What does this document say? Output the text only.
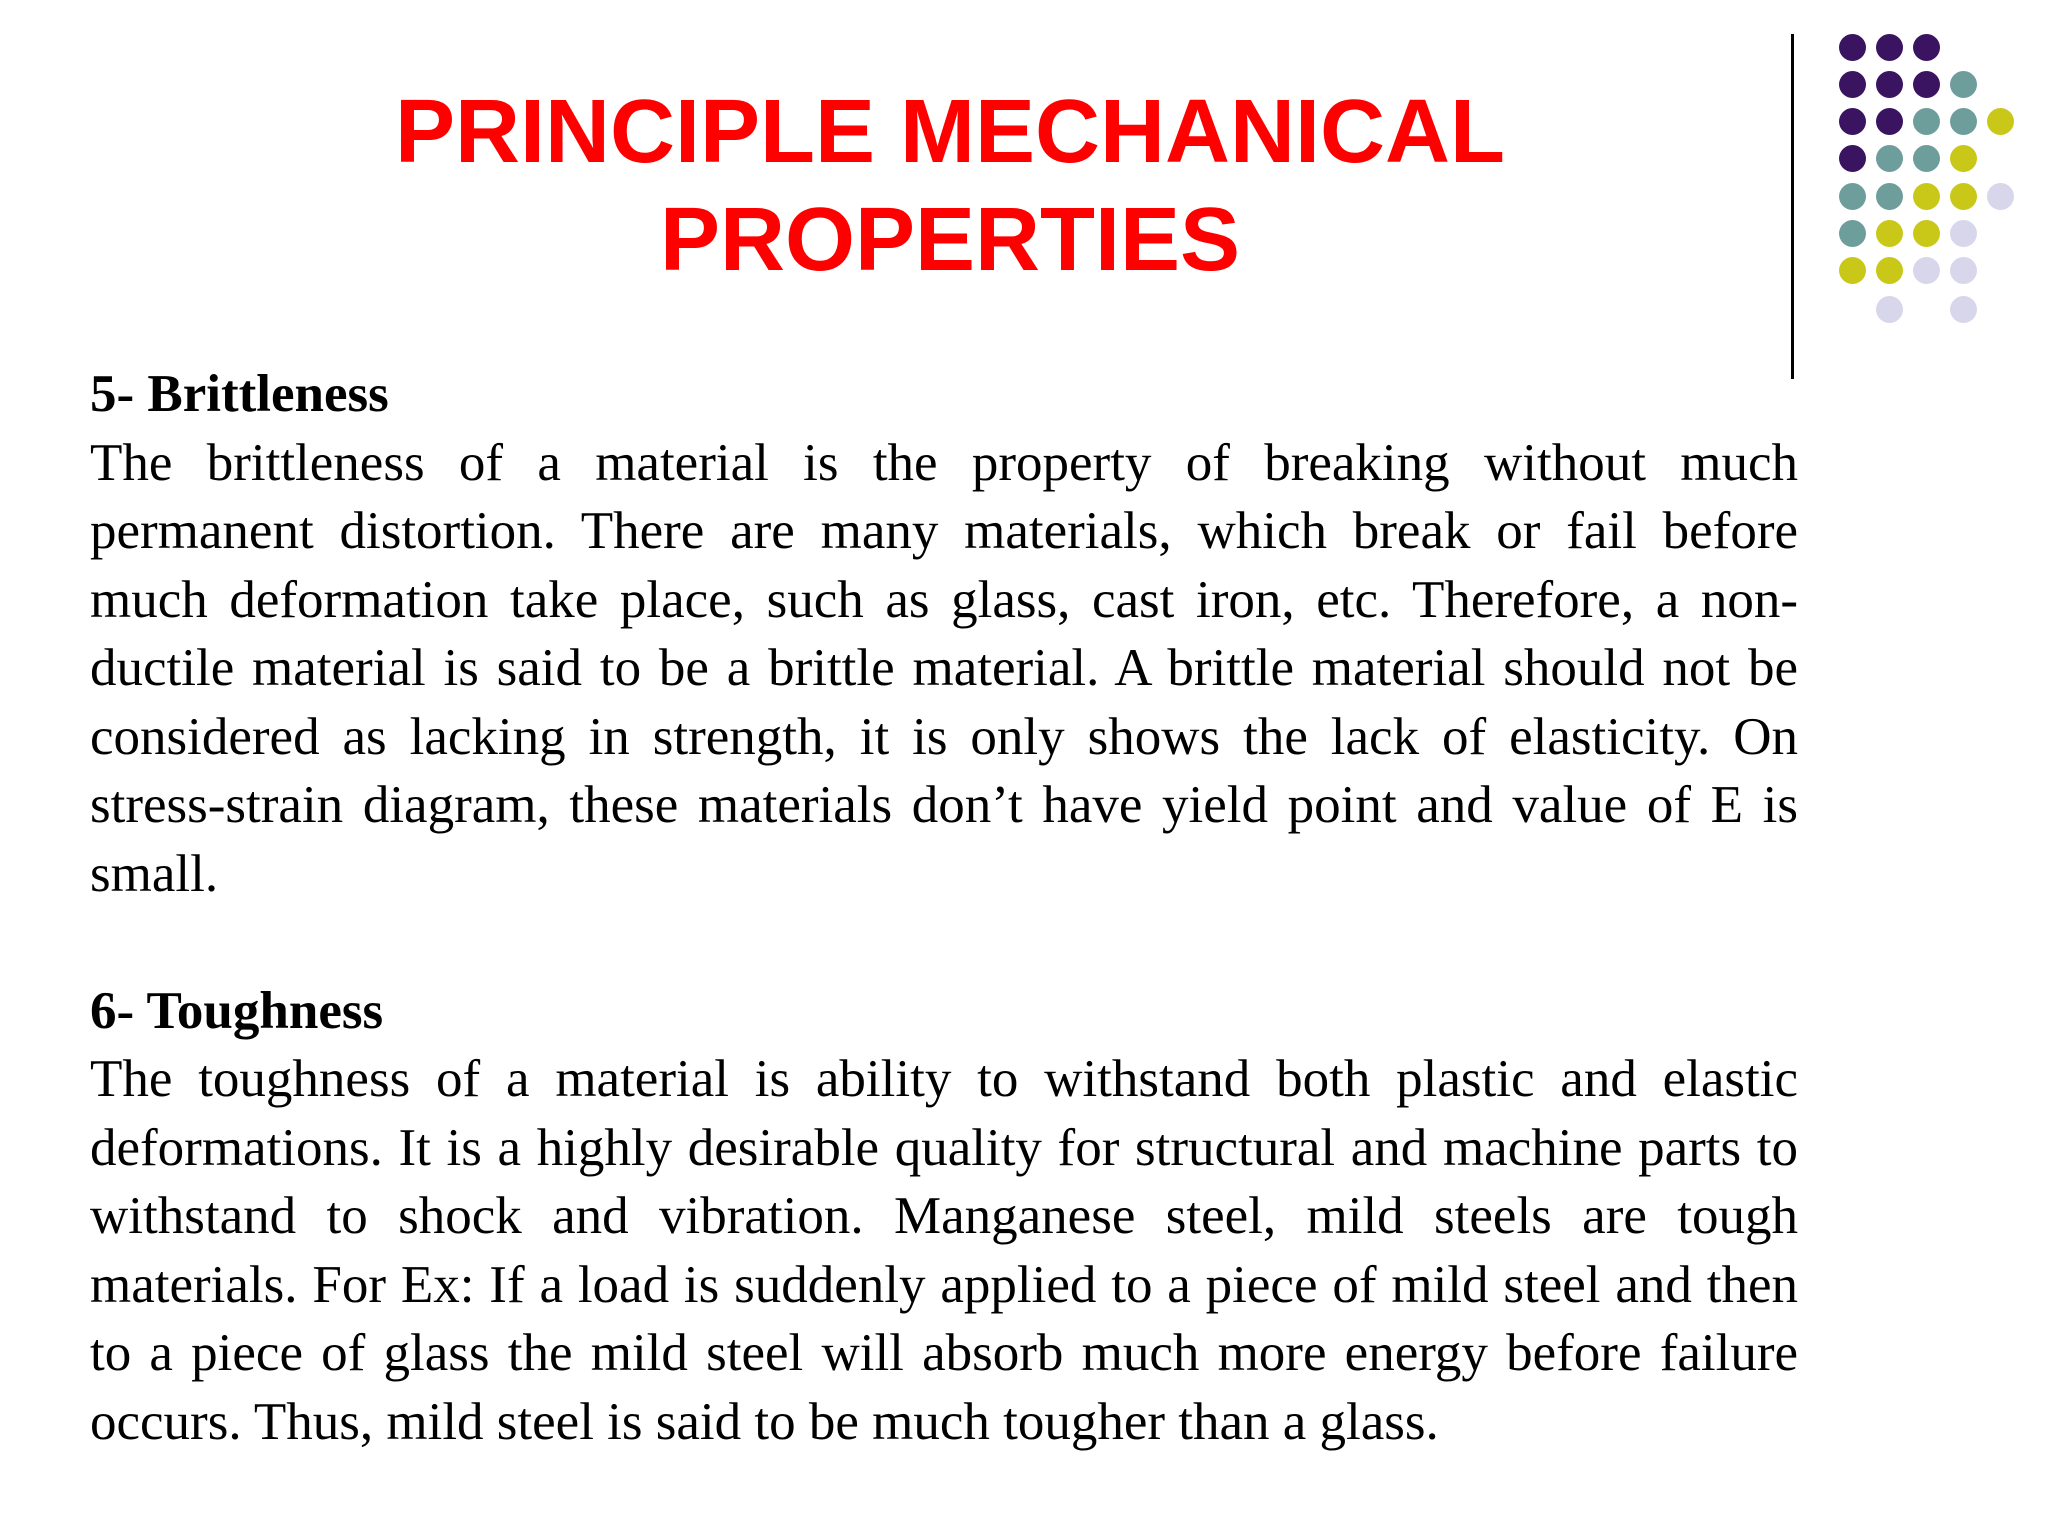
PRINCIPLE MECHANICAL
PROPERTIES

5- Brittleness

The brittleness of a material is the property of breaking without much permanent distortion. There are many materials, which break or fail before much deformation take place, such as glass, cast iron, etc. Therefore, a non-ductile material is said to be a brittle material. A brittle material should not be considered as lacking in strength, it is only shows the lack of elasticity. On stress-strain diagram, these materials don’t have yield point and value of E is small.

6- Toughness

The toughness of a material is ability to withstand both plastic and elastic deformations. It is a highly desirable quality for structural and machine parts to withstand to shock and vibration. Manganese steel, mild steels are tough materials. For Ex: If a load is suddenly applied to a piece of mild steel and then to a piece of glass the mild steel will absorb much more energy before failure occurs. Thus, mild steel is said to be much tougher than a glass.
